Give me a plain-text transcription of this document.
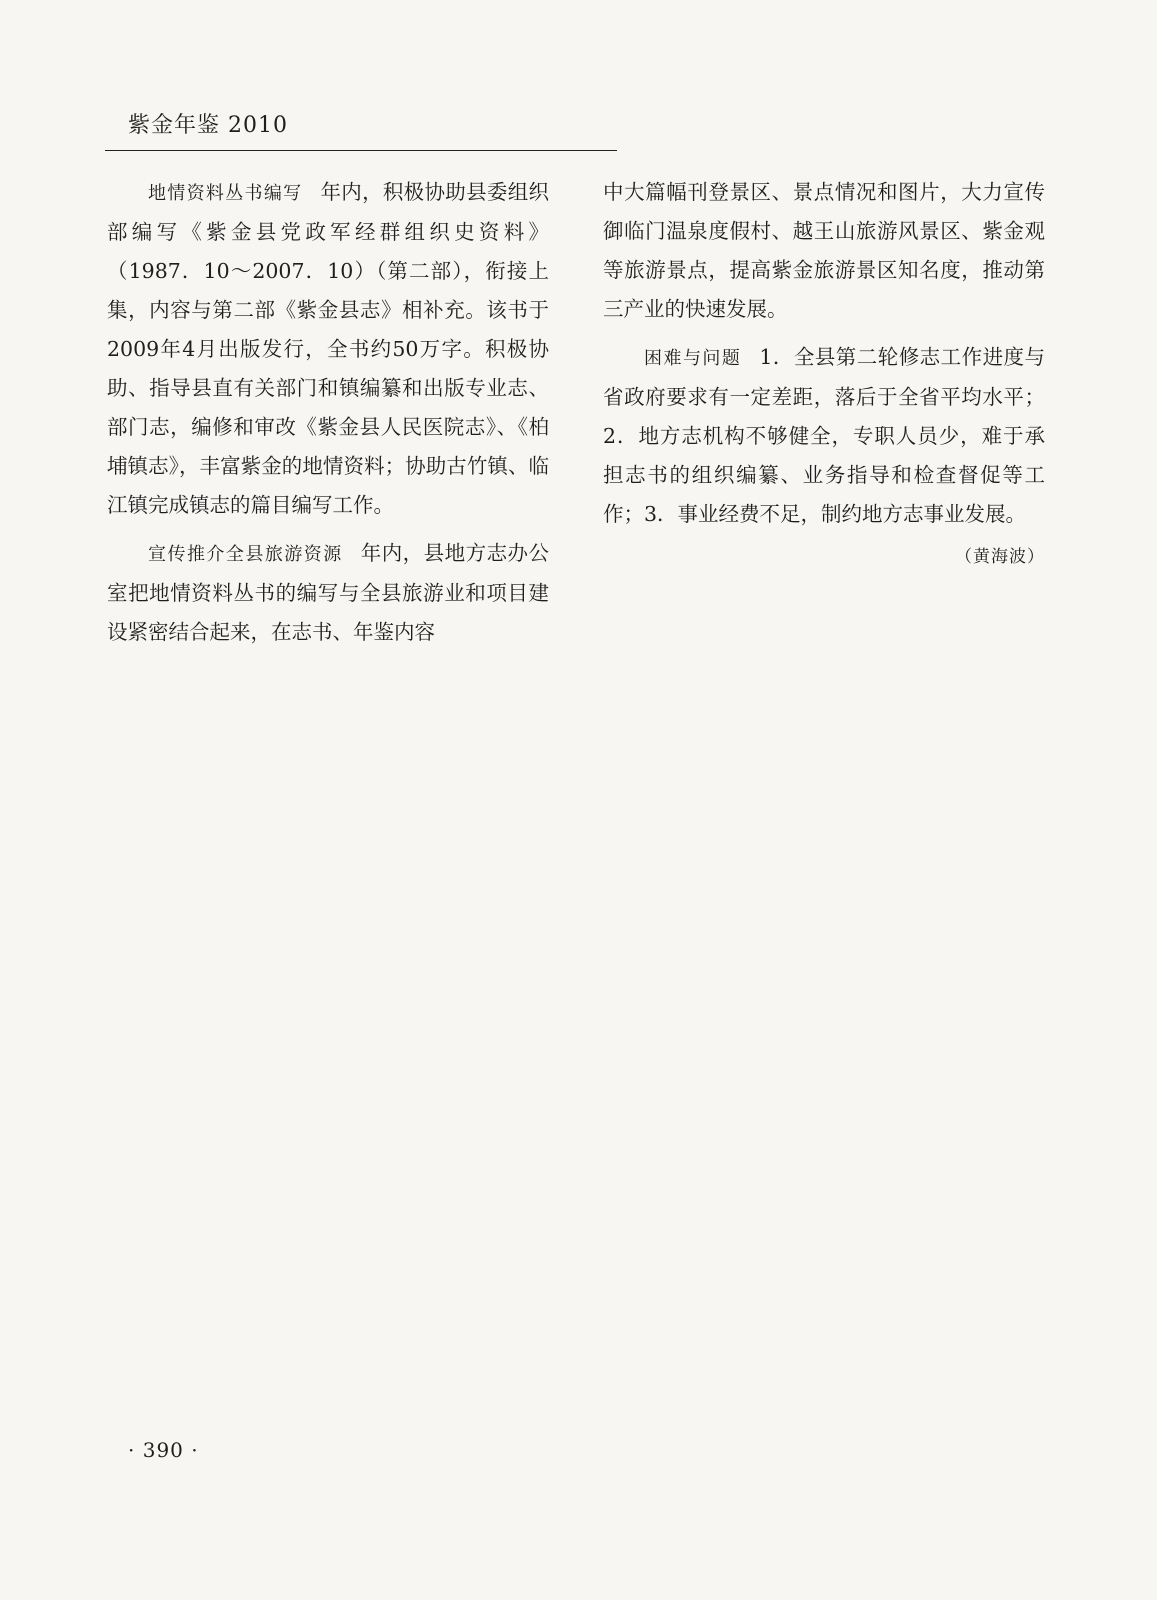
紫金年鉴 2010

地情资料丛书编写 年内，积极协助县委组织部编写《紫金县党政军经群组织史资料》（1987．10～2007．10）（第二部），衔接上集，内容与第二部《紫金县志》相补充。该书于2009年4月出版发行，全书约50万字。积极协助、指导县直有关部门和镇编纂和出版专业志、部门志，编修和审改《紫金县人民医院志》、《柏埔镇志》，丰富紫金的地情资料；协助古竹镇、临江镇完成镇志的篇目编写工作。

宣传推介全县旅游资源 年内，县地方志办公室把地情资料丛书的编写与全县旅游业和项目建设紧密结合起来，在志书、年鉴内容

中大篇幅刊登景区、景点情况和图片，大力宣传御临门温泉度假村、越王山旅游风景区、紫金观等旅游景点，提高紫金旅游景区知名度，推动第三产业的快速发展。

困难与问题 1．全县第二轮修志工作进度与省政府要求有一定差距，落后于全省平均水平；2．地方志机构不够健全，专职人员少，难于承担志书的组织编纂、业务指导和检查督促等工作；3．事业经费不足，制约地方志事业发展。

（黄海波）
· 390 ·
